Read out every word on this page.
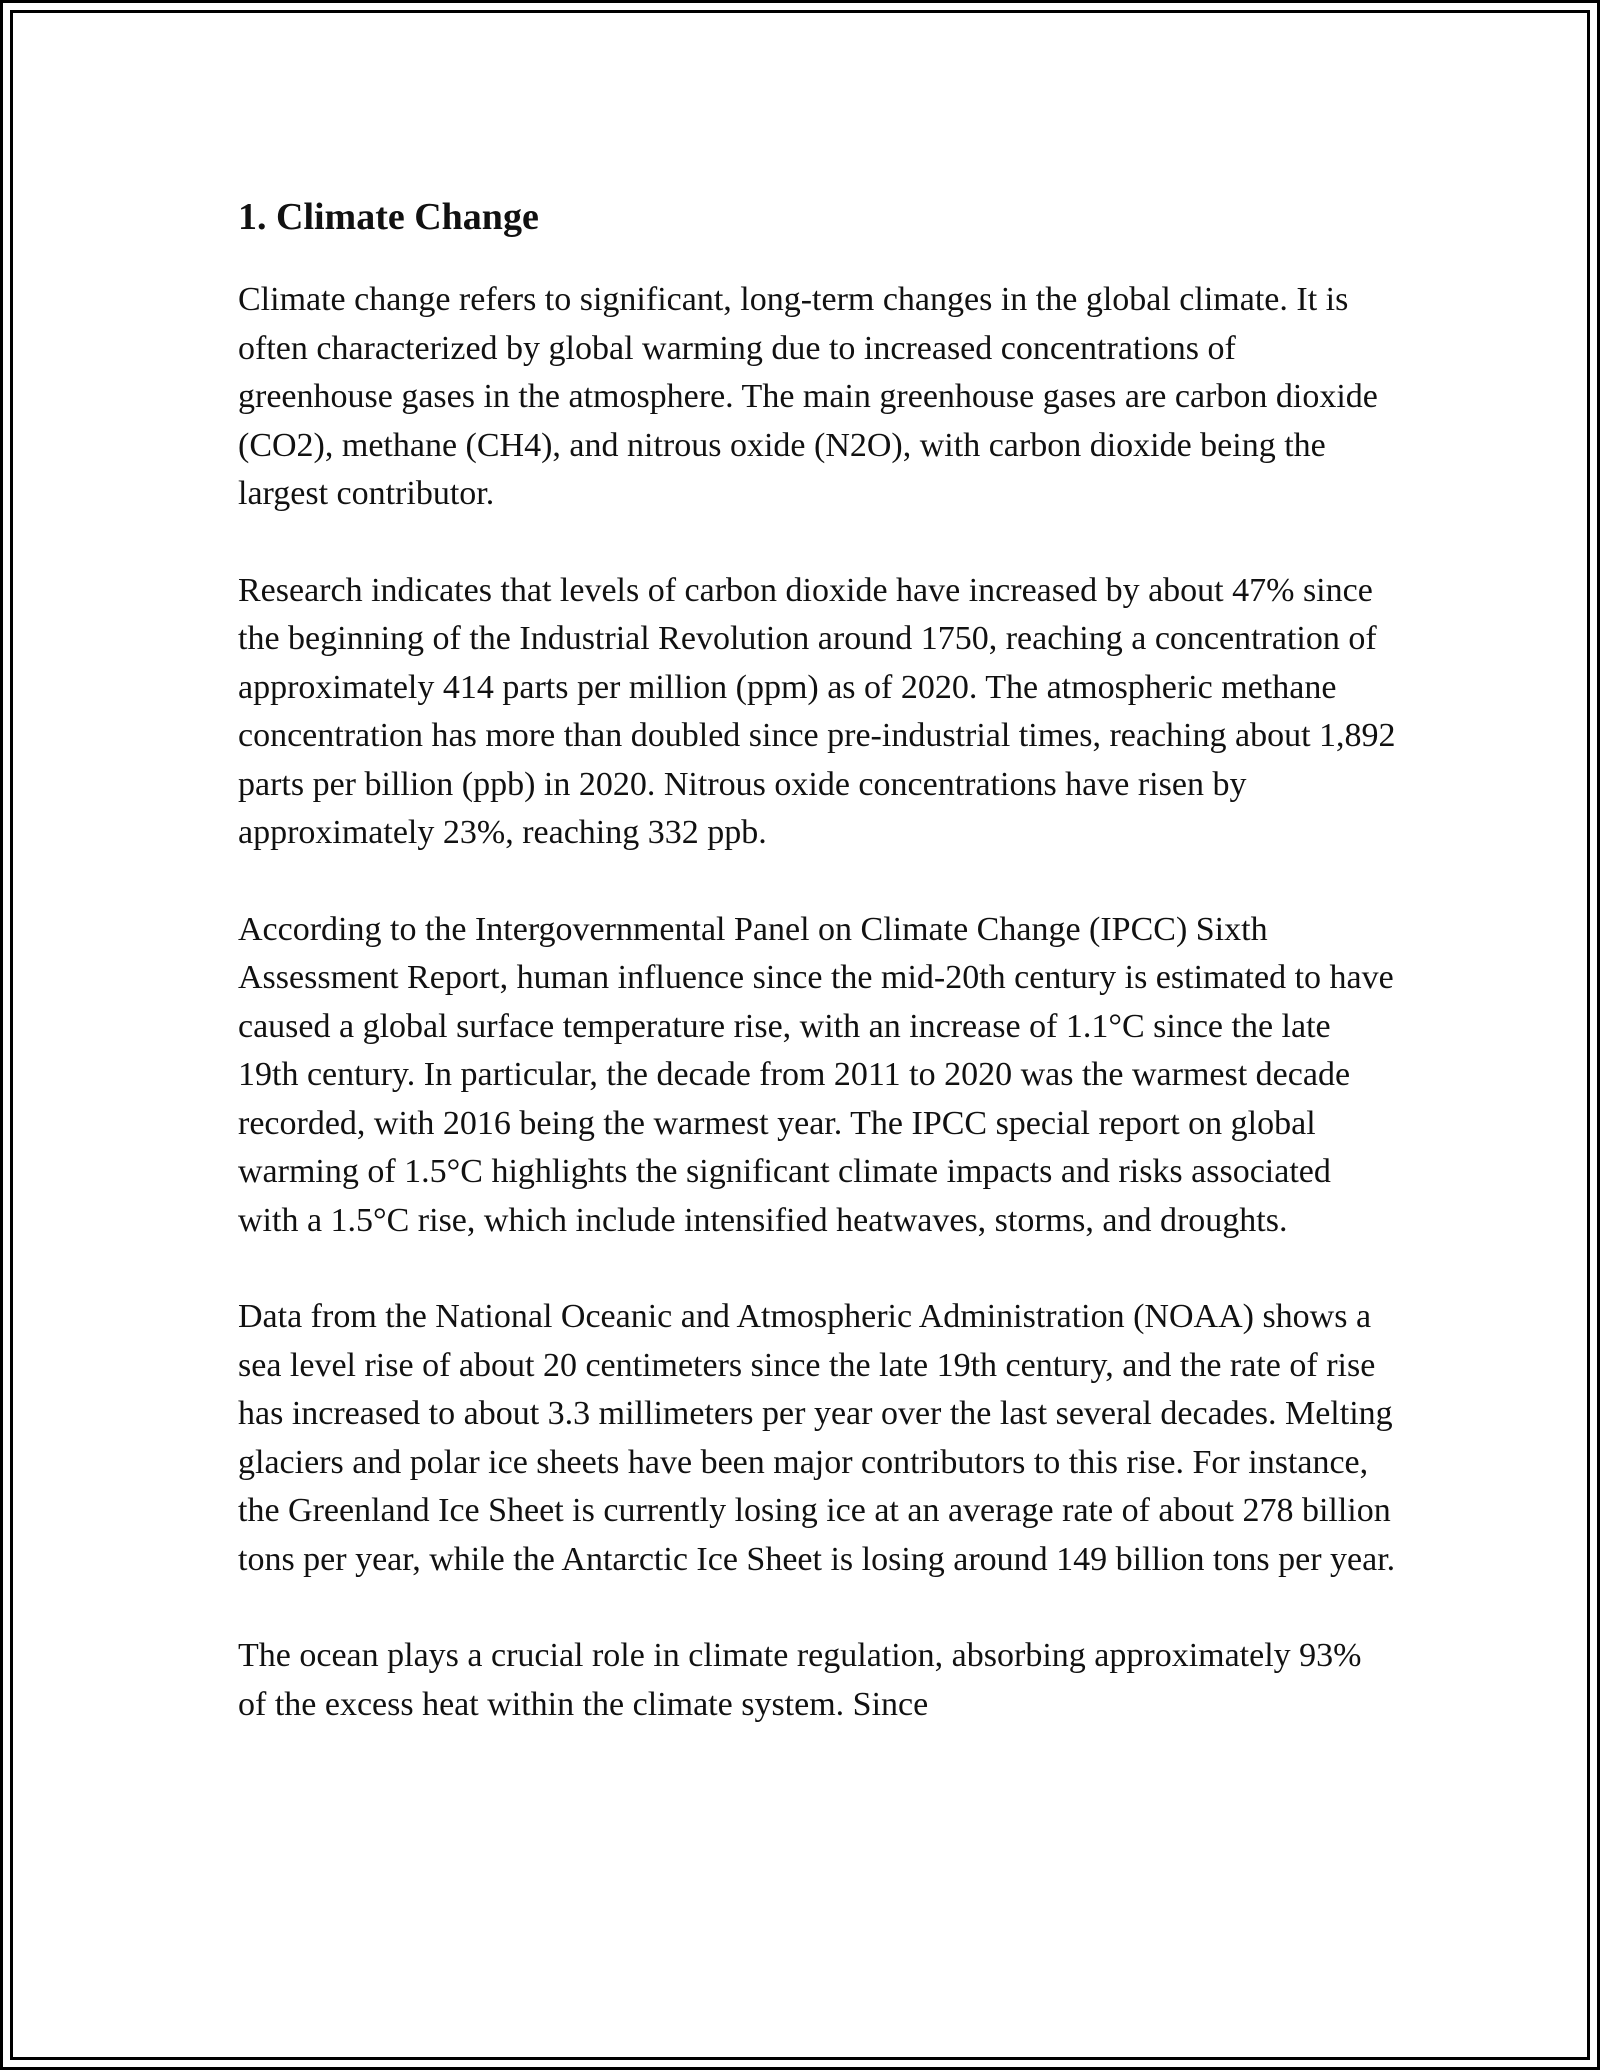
1. Climate Change

Climate change refers to significant, long-term changes in the global climate. It is often characterized by global warming due to increased concentrations of greenhouse gases in the atmosphere. The main greenhouse gases are carbon dioxide (CO2), methane (CH4), and nitrous oxide (N2O), with carbon dioxide being the largest contributor.

Research indicates that levels of carbon dioxide have increased by about 47% since the beginning of the Industrial Revolution around 1750, reaching a concentration of approximately 414 parts per million (ppm) as of 2020. The atmospheric methane concentration has more than doubled since pre-industrial times, reaching about 1,892 parts per billion (ppb) in 2020. Nitrous oxide concentrations have risen by approximately 23%, reaching 332 ppb.

According to the Intergovernmental Panel on Climate Change (IPCC) Sixth Assessment Report, human influence since the mid-20th century is estimated to have caused a global surface temperature rise, with an increase of 1.1°C since the late 19th century. In particular, the decade from 2011 to 2020 was the warmest decade recorded, with 2016 being the warmest year. The IPCC special report on global warming of 1.5°C highlights the significant climate impacts and risks associated with a 1.5°C rise, which include intensified heatwaves, storms, and droughts.

Data from the National Oceanic and Atmospheric Administration (NOAA) shows a sea level rise of about 20 centimeters since the late 19th century, and the rate of rise has increased to about 3.3 millimeters per year over the last several decades. Melting glaciers and polar ice sheets have been major contributors to this rise. For instance, the Greenland Ice Sheet is currently losing ice at an average rate of about 278 billion tons per year, while the Antarctic Ice Sheet is losing around 149 billion tons per year.

The ocean plays a crucial role in climate regulation, absorbing approximately 93% of the excess heat within the climate system. Since
